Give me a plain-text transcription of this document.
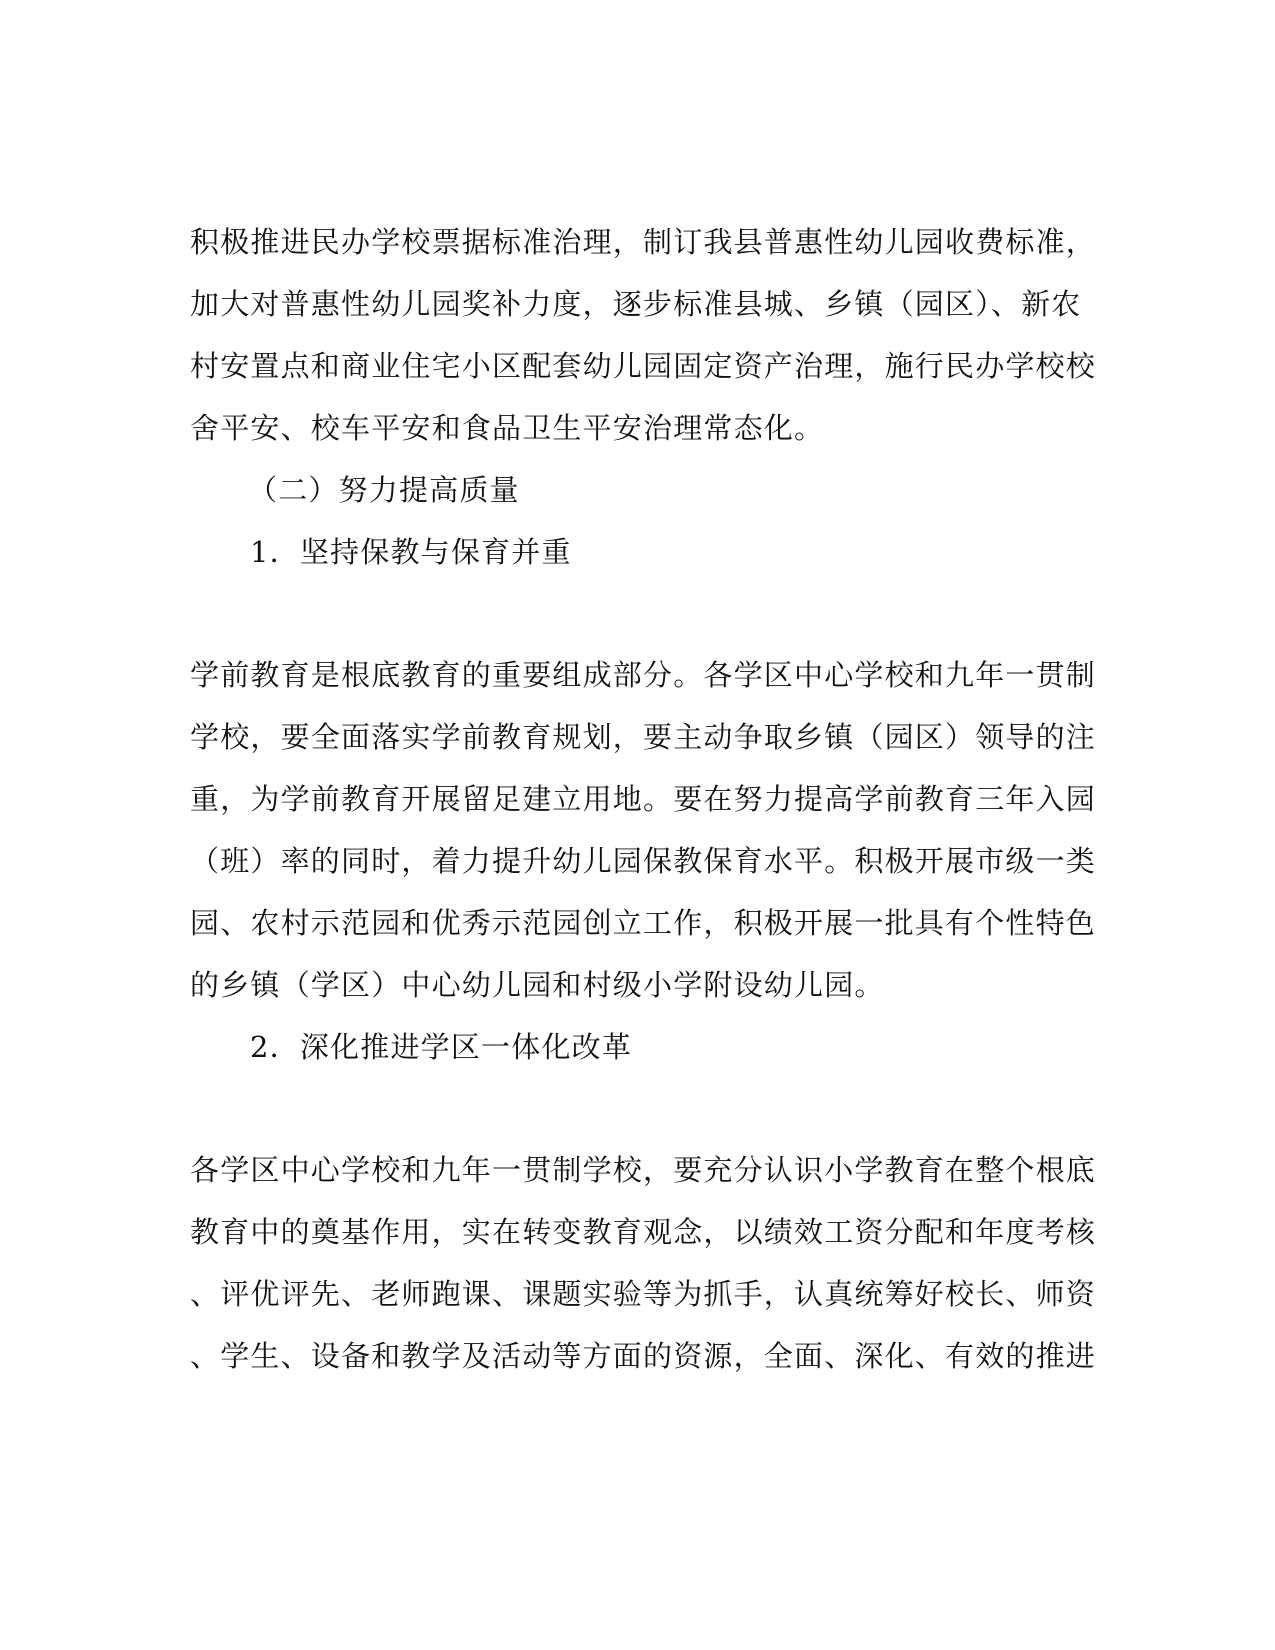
积极推进民办学校票据标准治理，制订我县普惠性幼儿园收费标准，
加大对普惠性幼儿园奖补力度，逐步标准县城、乡镇（园区）、新农
村安置点和商业住宅小区配套幼儿园固定资产治理，施行民办学校校
舍平安、校车平安和食品卫生平安治理常态化。
（二）努力提高质量
1．坚持保教与保育并重
学前教育是根底教育的重要组成部分。各学区中心学校和九年一贯制
学校，要全面落实学前教育规划，要主动争取乡镇（园区）领导的注
重，为学前教育开展留足建立用地。要在努力提高学前教育三年入园
（班）率的同时，着力提升幼儿园保教保育水平。积极开展市级一类
园、农村示范园和优秀示范园创立工作，积极开展一批具有个性特色
的乡镇（学区）中心幼儿园和村级小学附设幼儿园。
2．深化推进学区一体化改革
各学区中心学校和九年一贯制学校，要充分认识小学教育在整个根底
教育中的奠基作用，实在转变教育观念，以绩效工资分配和年度考核
、评优评先、老师跑课、课题实验等为抓手，认真统筹好校长、师资
、学生、设备和教学及活动等方面的资源，全面、深化、有效的推进
